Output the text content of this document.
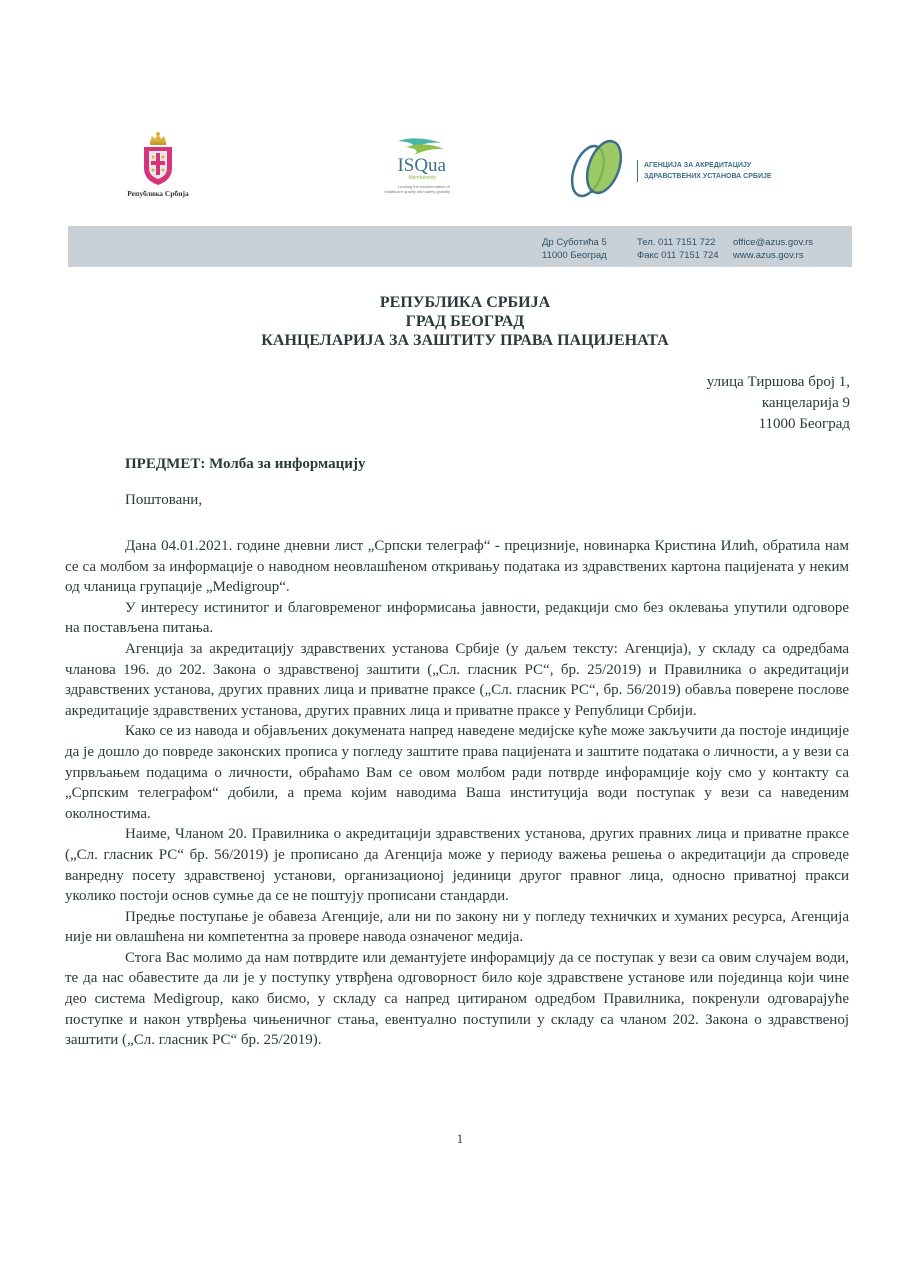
Република Србија
ISQua
Membership
Leading the transformation of
healthcare quality and safety globally
АГЕНЦИЈА ЗА АКРЕДИТАЦИЈУ
ЗДРАВСТВЕНИХ УСТАНОВА СРБИЈЕ
Др Суботића 5
11000 Београд
Тел. 011 7151 722
Факс 011 7151 724
office@azus.gov.rs
www.azus.gov.rs
РЕПУБЛИКА СРБИЈА
ГРАД БЕОГРАД
КАНЦЕЛАРИЈА ЗА ЗАШТИТУ ПРАВА ПАЦИЈЕНАТА
улица Тиршова број 1,
канцеларија 9
11000 Београд
ПРЕДМЕТ: Молба за информацију
Поштовани,

Дана 04.01.2021. године дневни лист „Српски телеграф“ - прецизније, новинарка Кристина Илић, обратила нам се са молбом за информације о наводном неовлашћеном откривању података из здравствених картона пацијената у неким од чланица групације „Medigroup“.

У интересу истинитог и благовременог информисања јавности, редакцији смо без оклевања упутили одговоре на постављена питања.

Агенција за акредитацију здравствених установа Србије (у даљем тексту: Агенција), у складу са одредбама чланова 196. до 202. Закона о здравственој заштити („Сл. гласник РС“, бр. 25/2019) и Правилника о акредитацији здравствених установа, других правних лица и приватне праксе („Сл. гласник РС“, бр. 56/2019) обавља поверене послове акредитације здравствених установа, других правних лица и приватне праксе у Републици Србији.

Како се из навода и објављених докумената напред наведене медијске куће може закључити да постоје индиције да је дошло до повреде законских прописа у погледу заштите права пацијената и заштите података о личности, а у вези са упрвљањем подацима о личности, обраћамо Вам се овом молбом ради потврде инфорамције коју смо у контакту са „Српским телеграфом“ добили, а према којим наводима Ваша институција води поступак у вези са наведеним околностима.

Наиме, Чланом 20. Правилника о акредитацији здравствених установа, других правних лица и приватне праксе („Сл. гласник РС“ бр. 56/2019) је прописано да Агенција може у периоду важења решења о акредитацији да спроведе ванредну посету здравственој установи, организационој јединици другог правног лица, односно приватној пракси уколико постоји основ сумње да се не поштују прописани стандарди.

Предње поступање је обавеза Агенције, али ни по закону ни у погледу техничких и хуманих ресурса, Агенција није ни овлашћена ни компетентна за провере навода означеног медија.

Стога Вас молимо да нам потврдите или демантујете инфорамцију да се поступак у вези са овим случајем води, те да нас обавестите да ли је у поступку утврђена одговорност било које здравствене установе или појединца који чине део система Medigroup, како бисмо, у складу са напред цитираном одредбом Правилника, покренули одговарајуће поступке и након утврђења чињеничног стања, евентуално поступили у складу са чланом 202. Закона о здравственој заштити („Сл. гласник РС“ бр. 25/2019).

1
